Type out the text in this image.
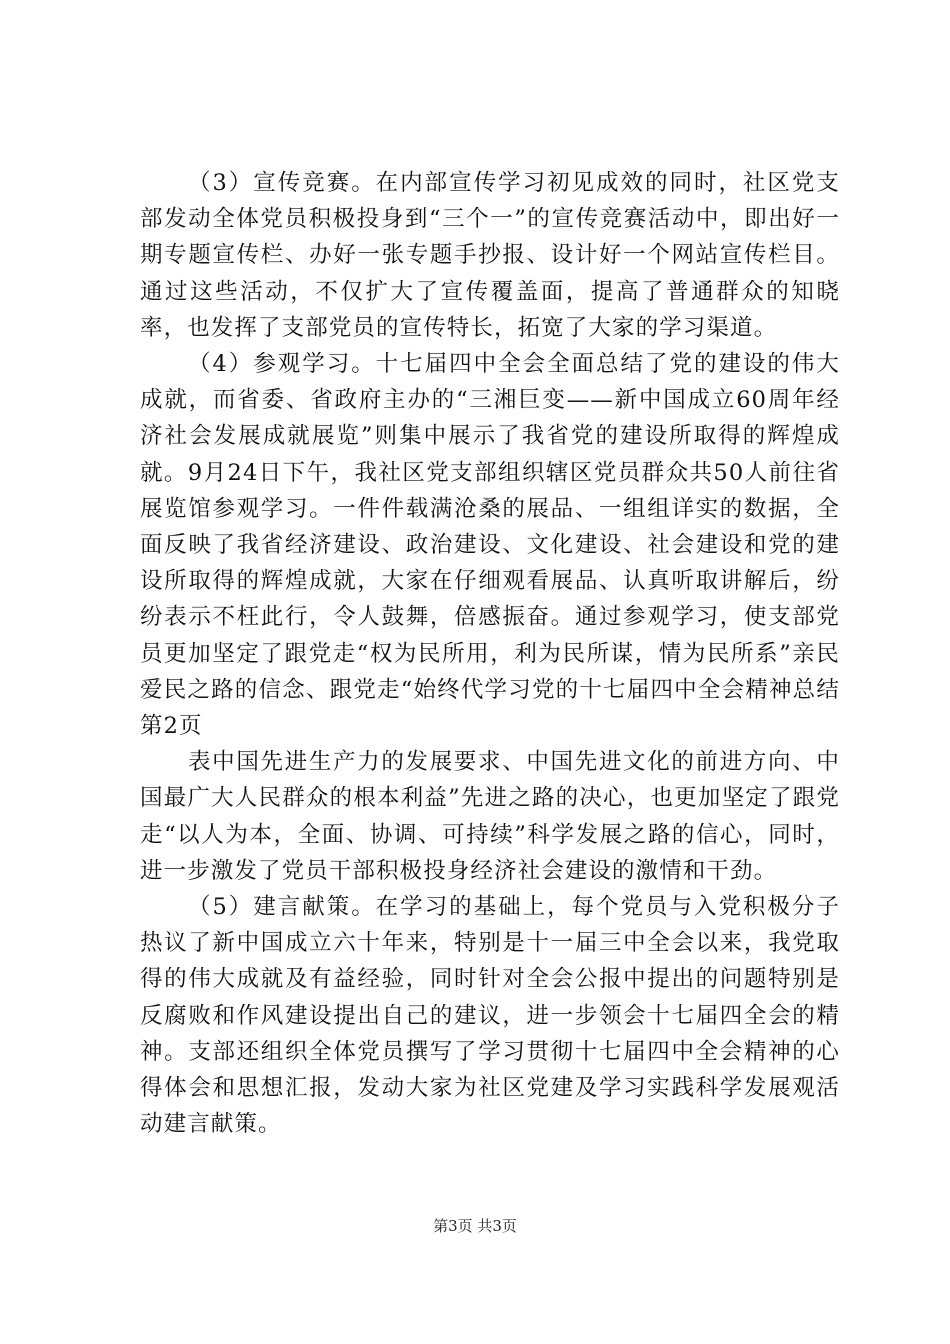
（3）宣传竞赛。在内部宣传学习初见成效的同时，社区党支部发动全体党员积极投身到“三个一”的宣传竞赛活动中，即出好一期专题宣传栏、办好一张专题手抄报、设计好一个网站宣传栏目。通过这些活动，不仅扩大了宣传覆盖面，提高了普通群众的知晓率，也发挥了支部党员的宣传特长，拓宽了大家的学习渠道。

（4）参观学习。十七届四中全会全面总结了党的建设的伟大成就，而省委、省政府主办的“三湘巨变——新中国成立60周年经济社会发展成就展览”则集中展示了我省党的建设所取得的辉煌成就。9月24日下午，我社区党支部组织辖区党员群众共50人前往省展览馆参观学习。一件件载满沧桑的展品、一组组详实的数据，全面反映了我省经济建设、政治建设、文化建设、社会建设和党的建设所取得的辉煌成就，大家在仔细观看展品、认真听取讲解后，纷纷表示不枉此行，令人鼓舞，倍感振奋。通过参观学习，使支部党员更加坚定了跟党走“权为民所用，利为民所谋，情为民所系”亲民爱民之路的信念、跟党走“始终代学习党的十七届四中全会精神总结第2页

表中国先进生产力的发展要求、中国先进文化的前进方向、中国最广大人民群众的根本利益”先进之路的决心，也更加坚定了跟党走“以人为本，全面、协调、可持续”科学发展之路的信心，同时，进一步激发了党员干部积极投身经济社会建设的激情和干劲。

（5）建言献策。在学习的基础上，每个党员与入党积极分子热议了新中国成立六十年来，特别是十一届三中全会以来，我党取得的伟大成就及有益经验，同时针对全会公报中提出的问题特别是反腐败和作风建设提出自己的建议，进一步领会十七届四全会的精神。支部还组织全体党员撰写了学习贯彻十七届四中全会精神的心得体会和思想汇报，发动大家为社区党建及学习实践科学发展观活动建言献策。

第3页 共3页
